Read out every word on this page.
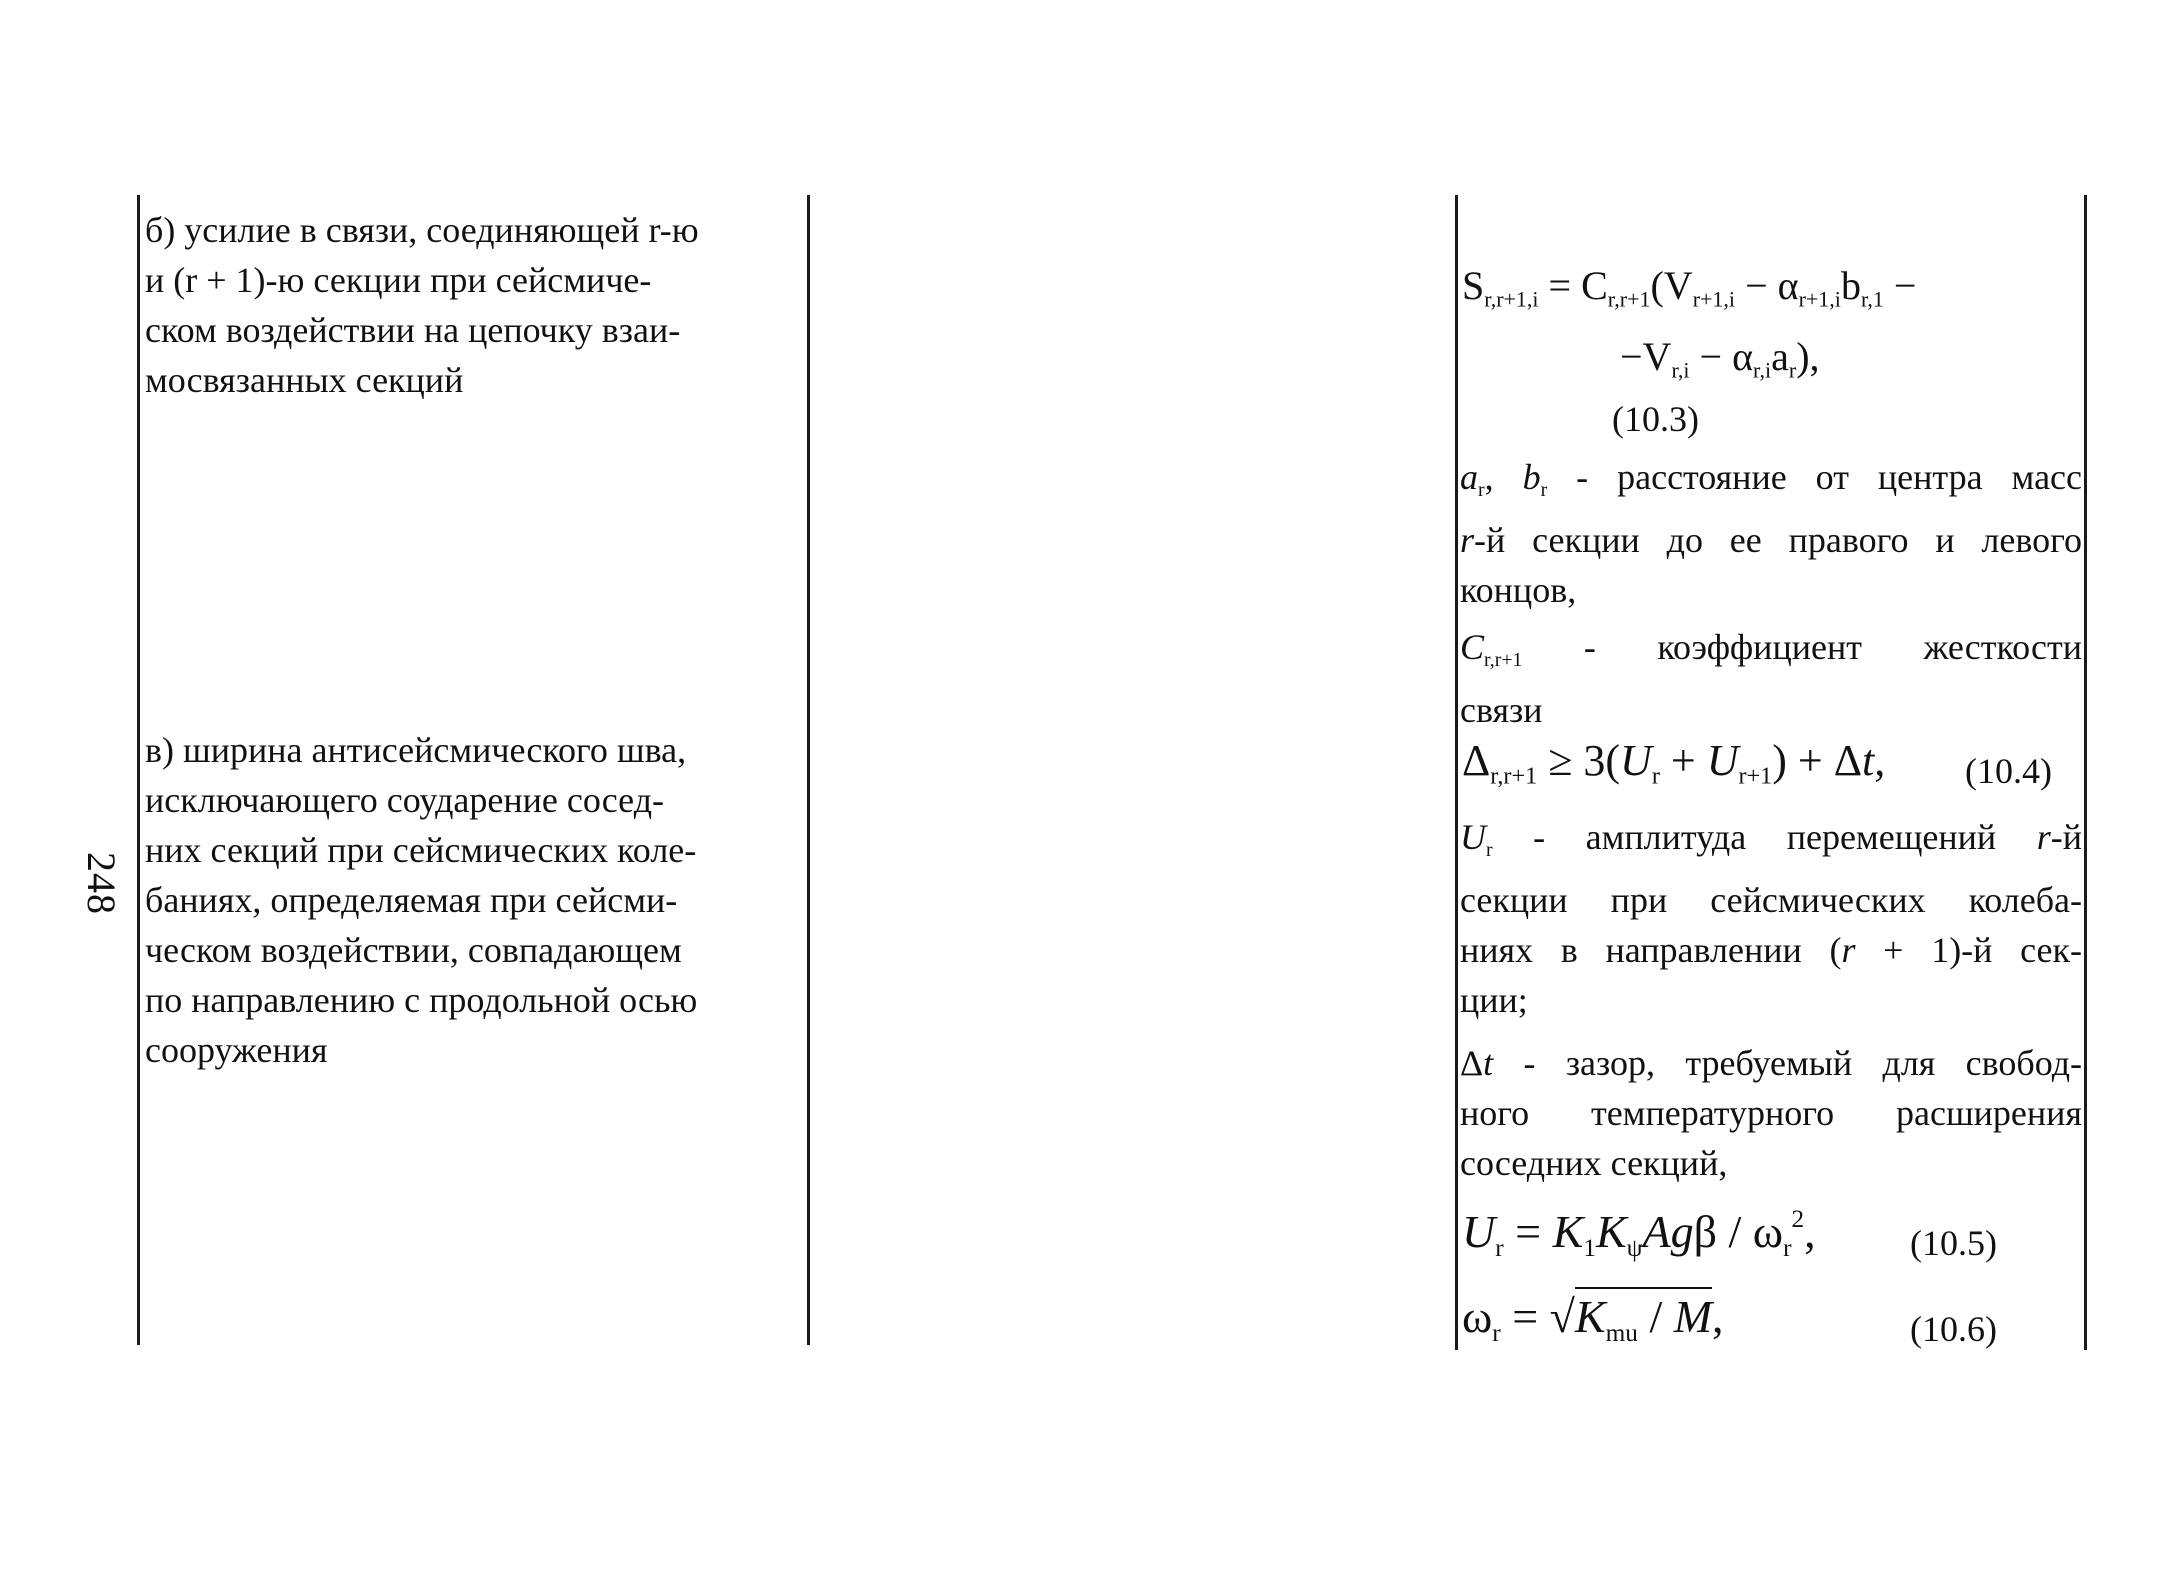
248

б) усилие в связи, соединяющей r-ю

и (r + 1)-ю секции при сейсмиче-

ском воздействии на цепочку взаи-

мосвязанных секций

в) ширина антисейсмического шва,

исключающего соударение сосед-

них секций при сейсмических коле-

баниях, определяемая при сейсми-

ческом воздействии, совпадающем

по направлению с продольной осью

сооружения

$S_{r,r+1,i} = C_{r,r+1}(V_{r+1,i} - \alpha_{r+1,i}b_{r,1}$ −
$-V_{r,i} - \alpha_{r,i}a_r$),
(10.3)
$a_r$, $b_r$ - расстояние от центра масс
r-й секции до ее правого и левого
концов,
$C_{r,r+1}$ - коэффициент жесткости
связи
$\Delta_{r,r+1} \ge 3(U_r + U_{r+1}) + \Delta t$, (10.4)
$U_r$ - амплитуда перемещений r-й
секции при сейсмических колеба-
ниях в направлении (r + 1)-й сек-
ции;
Δt - зазор, требуемый для свобод-
ного температурного расширения
соседних секций,
$U_r = K_1K_\psi Ag\beta / \omega_r^2$,	(10.5)
$\omega_r = √K_{mu} / M$,	(10.6)
